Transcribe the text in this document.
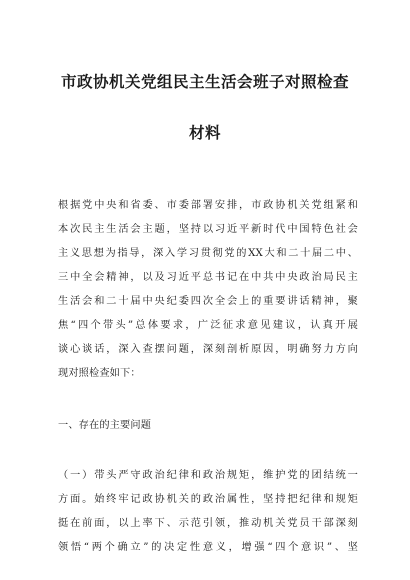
市政协机关党组民主生活会班子对照检查
材料
根据党中央和省委、市委部署安排，市政协机关党组紧和
本次民主生活会主题，坚持以习近平新时代中国特色社会
主义思想为指导，深入学习贯彻党的XX大和二十届二中、
三中全会精神，以及习近平总书记在中共中央政治局民主
生活会和二十届中央纪委四次全会上的重要讲话精神，聚
焦“四个带头”总体要求，广泛征求意见建议，认真开展
谈心谈话，深入查摆问题，深刻剖析原因，明确努力方向
现对照检查如下：
一、存在的主要问题
（一）带头严守政治纪律和政治规矩，维护党的团结统一
方面。始终牢记政协机关的政治属性，坚持把纪律和规矩
挺在前面，以上率下、示范引领，推动机关党员干部深刻
领悟“两个确立”的决定性意义，增强“四个意识”、坚
